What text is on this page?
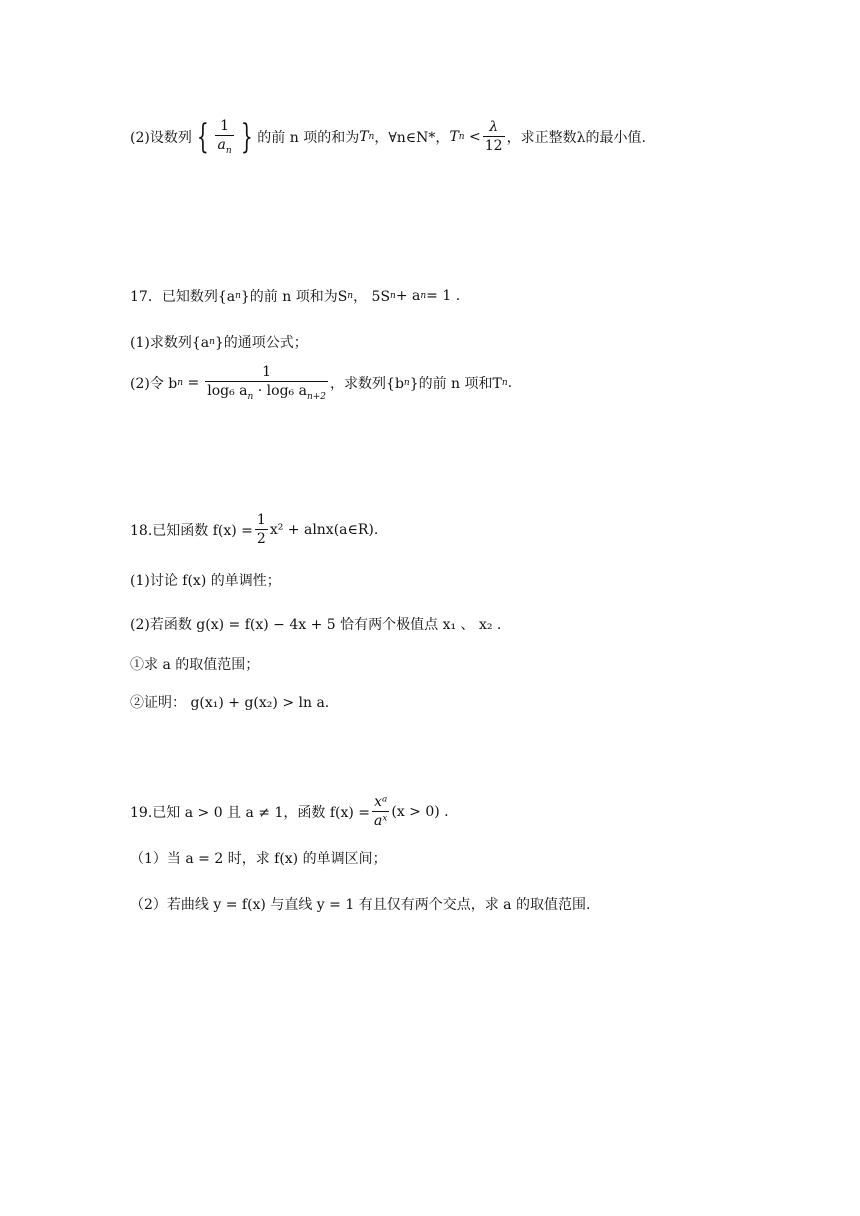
(2)设数列 { $\frac{1}{a_n}$ } 的前 n 项的和为 T n ，∀n∈N*， T $n < \frac{\lambda}{12}$ ，求正整数λ的最小值.
17．已知数列{a n }的前 n 项和为S n ， 5S n + a n = 1 .
(1)求数列{a n }的通项公式；
(2)令 b $n = \frac{1}{\log_6 a_n \cdot \log_6 a_{n+2}}$ ，求数列{b n }的前 n 项和T n .
18.已知函数 $f(x) = \frac{1}{2} x^2$ + alnx(a∈R).
(1)讨论 f(x) 的单调性；
(2)若函数 g(x) = f(x) − 4x + 5 恰有两个极值点 x₁ 、 x₂ .
①求 a 的取值范围；
②证明： g(x₁) + g(x₂) > ln a.
19.已知 a > 0 且 a ≠ 1，函数 $f(x) = \frac{\text{xᵃ}}{\text{aˣ}} (x > 0)$ .
（1）当 a = 2 时，求 f(x) 的单调区间；
（2）若曲线 y = f(x) 与直线 y = 1 有且仅有两个交点，求 a 的取值范围.
